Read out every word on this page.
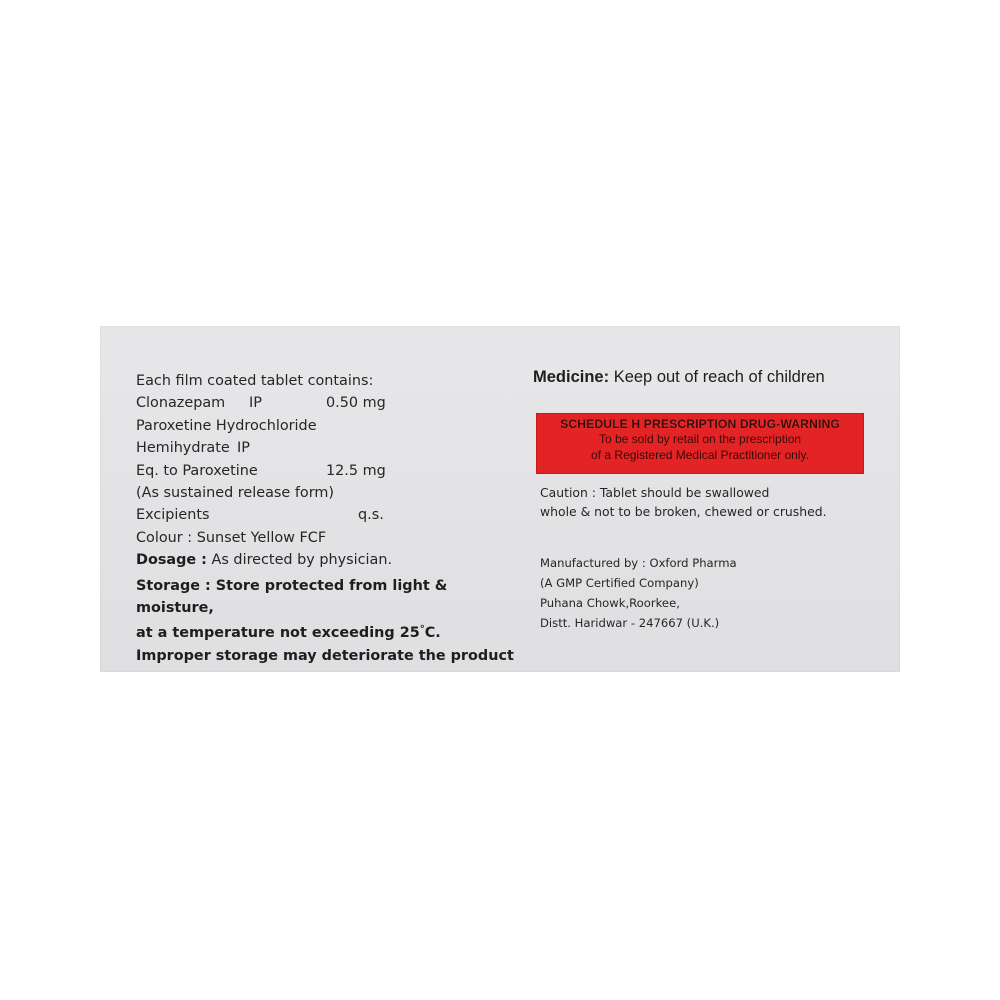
Each film coated tablet contains:
Clonazepam IP	0.50 mg
Paroxetine Hydrochloride
Hemihydrate IP
Eq. to Paroxetine	12.5 mg
(As sustained release form)
Excipients	q.s.
Colour : Sunset Yellow FCF
Dosage : As directed by physician.
Storage : Store protected from light & moisture,
at a temperature not exceeding 25°C.
Improper storage may deteriorate the product
Medicine: Keep out of reach of children
SCHEDULE H PRESCRIPTION DRUG-WARNING
To be sold by retail on the prescription
of a Registered Medical Practitioner only.
Caution : Tablet should be swallowed
whole & not to be broken, chewed or crushed.
Manufactured by : Oxford Pharma
(A GMP Certified Company)
Puhana Chowk,Roorkee,
Distt. Haridwar - 247667 (U.K.)
